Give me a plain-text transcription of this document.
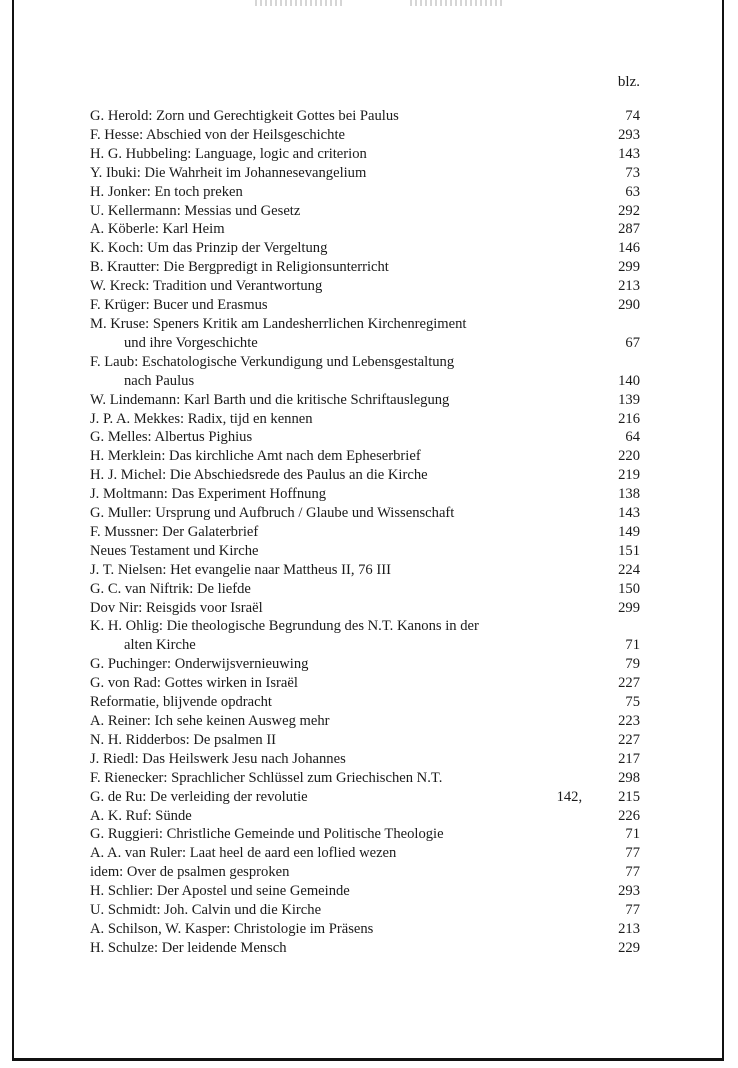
blz.
G. Herold: Zorn und Gerechtigkeit Gottes bei Paulus	74
F. Hesse: Abschied von der Heilsgeschichte	293
H. G. Hubbeling: Language, logic and criterion	143
Y. Ibuki: Die Wahrheit im Johannesevangelium	73
H. Jonker: En toch preken	63
U. Kellermann: Messias und Gesetz	292
A. Köberle: Karl Heim	287
K. Koch: Um das Prinzip der Vergeltung	146
B. Krautter: Die Bergpredigt in Religionsunterricht	299
W. Kreck: Tradition und Verantwortung	213
F. Krüger: Bucer und Erasmus	290
M. Kruse: Speners Kritik am Landesherrlichen Kirchenregiment
und ihre Vorgeschichte	67
F. Laub: Eschatologische Verkundigung und Lebensgestaltung
nach Paulus	140
W. Lindemann: Karl Barth und die kritische Schriftauslegung	139
J. P. A. Mekkes: Radix, tijd en kennen	216
G. Melles: Albertus Pighius	64
H. Merklein: Das kirchliche Amt nach dem Epheserbrief	220
H. J. Michel: Die Abschiedsrede des Paulus an die Kirche	219
J. Moltmann: Das Experiment Hoffnung	138
G. Muller: Ursprung und Aufbruch / Glaube und Wissenschaft	143
F. Mussner: Der Galaterbrief	149
Neues Testament und Kirche	151
J. T. Nielsen: Het evangelie naar Mattheus II, 76 III	224
G. C. van Niftrik: De liefde	150
Dov Nir: Reisgids voor Israël	299
K. H. Ohlig: Die theologische Begrundung des N.T. Kanons in der
alten Kirche	71
G. Puchinger: Onderwijsvernieuwing	79
G. von Rad: Gottes wirken in Israël	227
Reformatie, blijvende opdracht	75
A. Reiner: Ich sehe keinen Ausweg mehr	223
N. H. Ridderbos: De psalmen II	227
J. Riedl: Das Heilswerk Jesu nach Johannes	217
F. Rienecker: Sprachlicher Schlüssel zum Griechischen N.T.	298
G. de Ru: De verleiding der revolutie	142, 215
A. K. Ruf: Sünde	226
G. Ruggieri: Christliche Gemeinde und Politische Theologie	71
A. A. van Ruler: Laat heel de aard een loflied wezen	77
idem: Over de psalmen gesproken	77
H. Schlier: Der Apostel und seine Gemeinde	293
U. Schmidt: Joh. Calvin und die Kirche	77
A. Schilson, W. Kasper: Christologie im Präsens	213
H. Schulze: Der leidende Mensch	229
